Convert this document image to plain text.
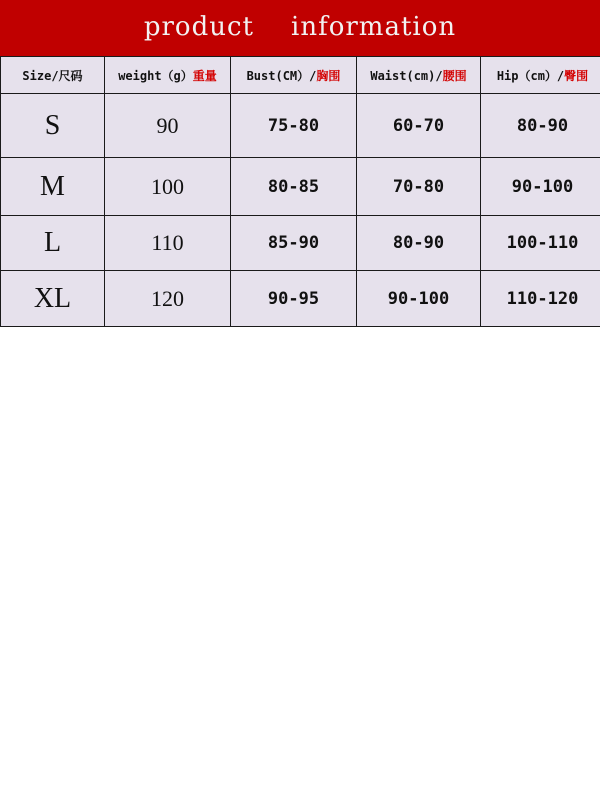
product    information
Size/尺码	weight（g）重量	Bust(CM）/胸围	Waist(cm)/腰围	Hip（cm）/臀围
S	90	75-80	60-70	80-90
M	100	80-85	70-80	90-100
L	110	85-90	80-90	100-110
XL	120	90-95	90-100	110-120
